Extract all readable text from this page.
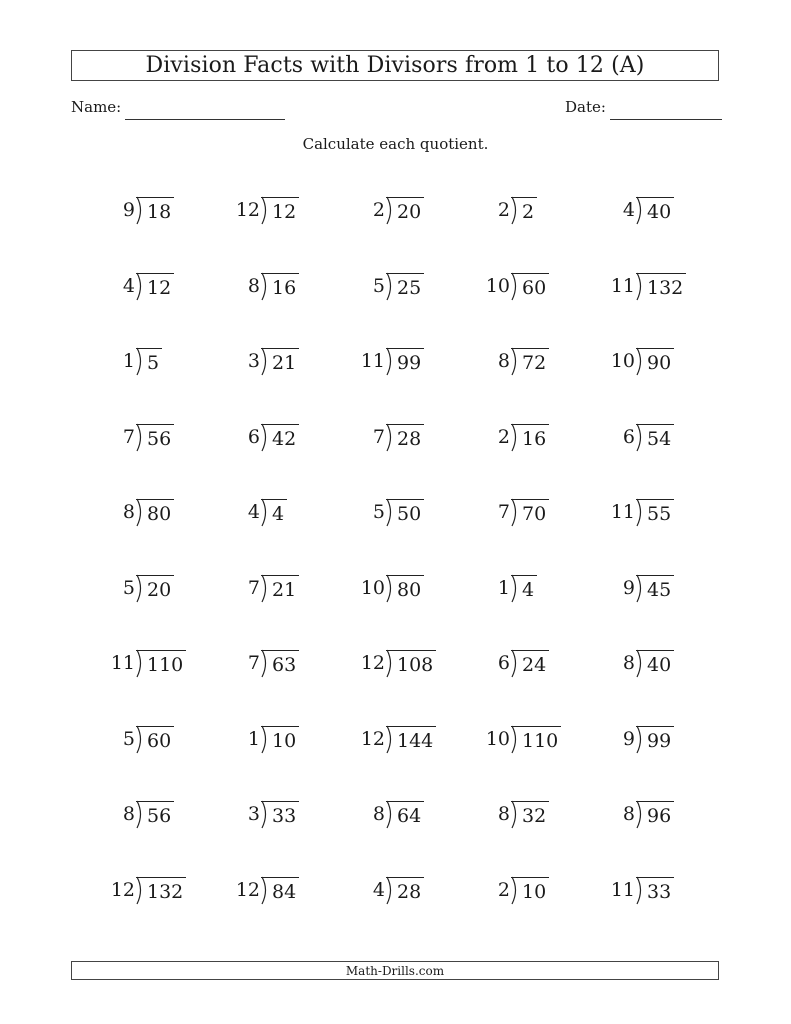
Division Facts with Divisors from 1 to 12 (A)
Name:	Date:
Calculate each quotient.
9 18	12 12	2 20	2 2	4 40
4 12	8 16	5 25	10 60	11 132
1 5	3 21	11 99	8 72	10 90
7 56	6 42	7 28	2 16	6 54
8 80	4 4	5 50	7 70	11 55
5 20	7 21	10 80	1 4	9 45
11 110	7 63	12 108	6 24	8 40
5 60	1 10	12 144	10 110	9 99
8 56	3 33	8 64	8 32	8 96
12 132	12 84	4 28	2 10	11 33
Math-Drills.com
